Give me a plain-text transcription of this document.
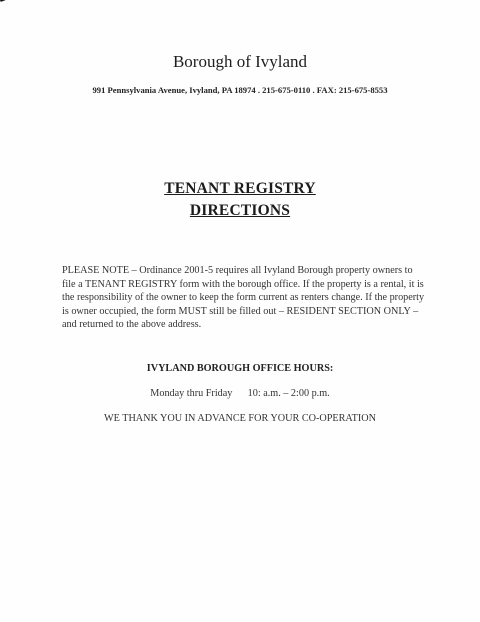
Borough of Ivyland
991 Pennsylvania Avenue, Ivyland, PA 18974 . 215-675-0110 . FAX: 215-675-8553
TENANT REGISTRY
DIRECTIONS
PLEASE NOTE – Ordinance 2001-5 requires all Ivyland Borough property owners to file a TENANT REGISTRY form with the borough office. If the property is a rental, it is the responsibility of the owner to keep the form current as renters change. If the property is owner occupied, the form MUST still be filled out – RESIDENT SECTION ONLY – and returned to the above address.
IVYLAND BOROUGH OFFICE HOURS:
Monday thru Friday 10: a.m. – 2:00 p.m.
WE THANK YOU IN ADVANCE FOR YOUR CO-OPERATION
